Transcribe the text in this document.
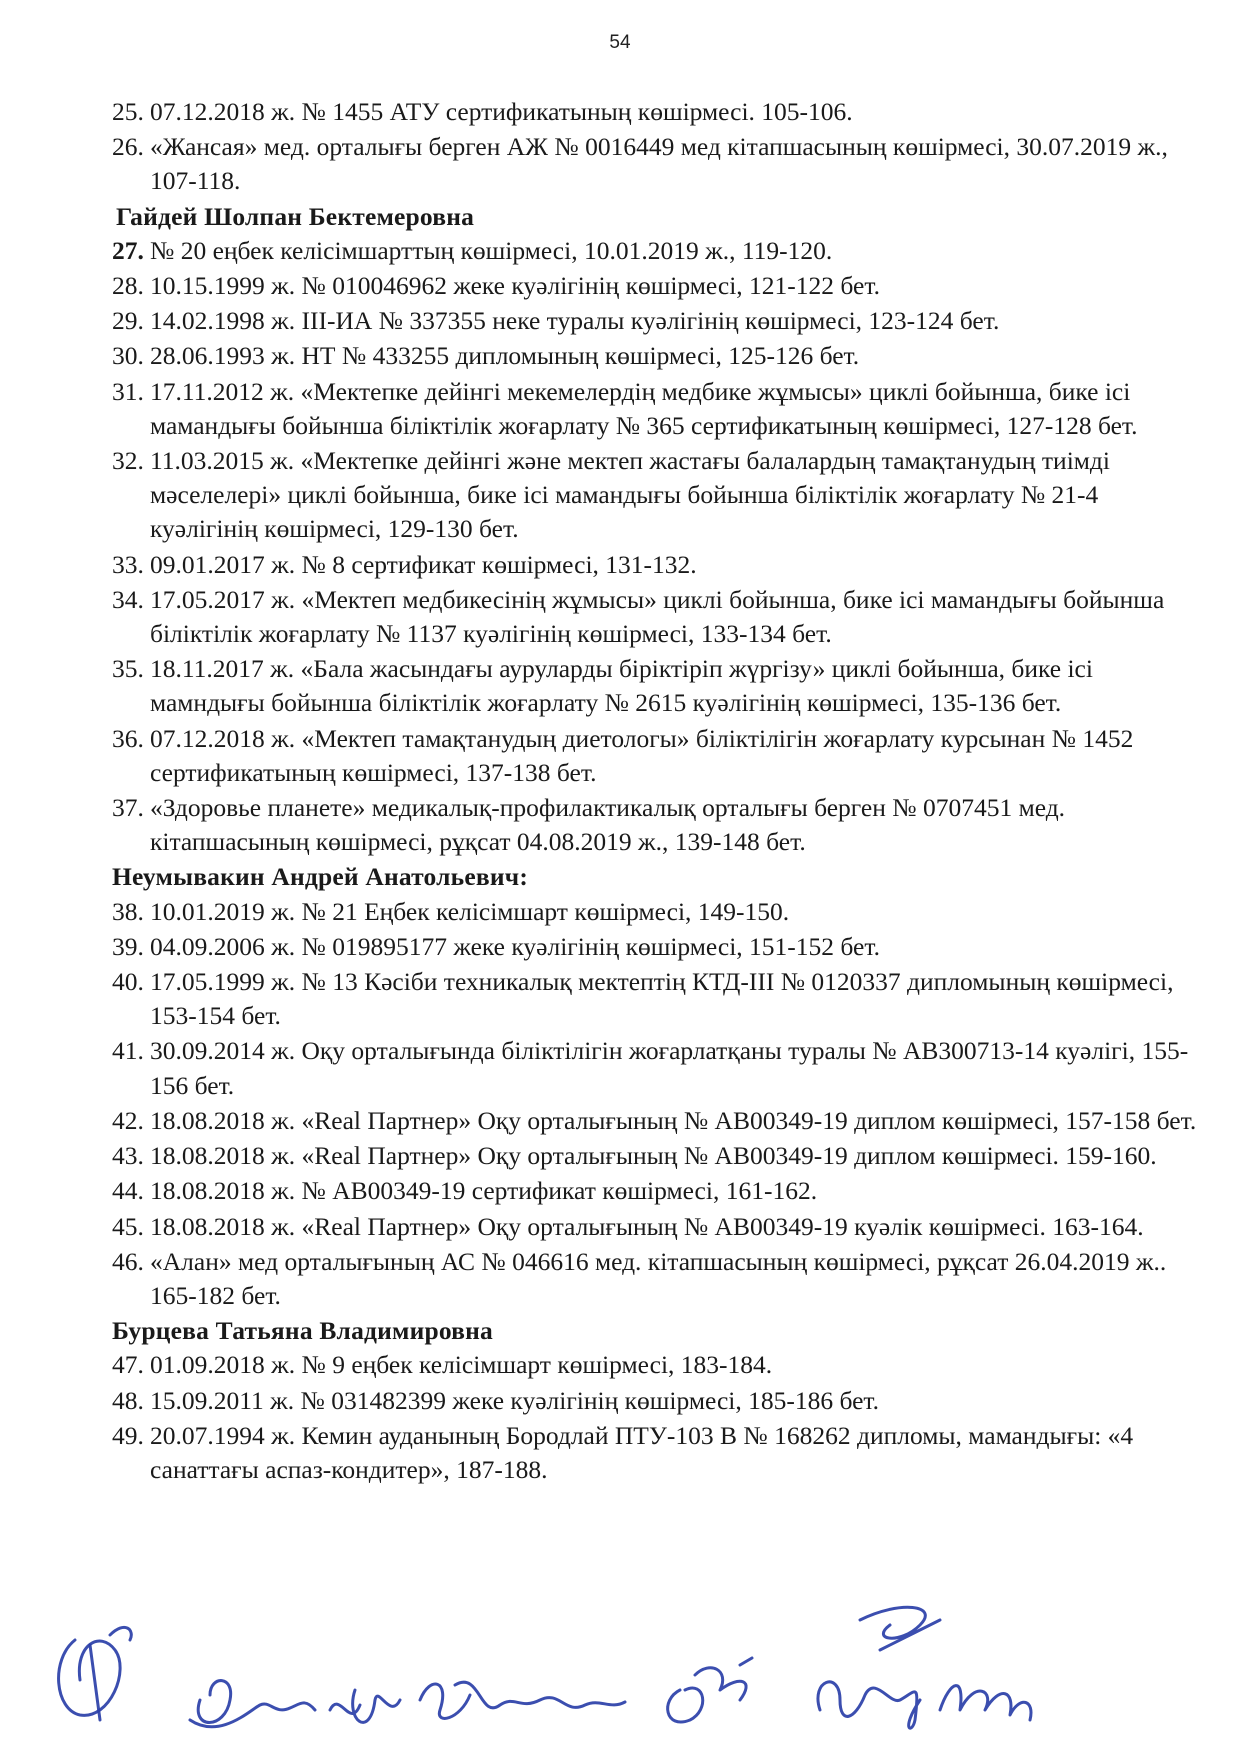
54
25. 07.12.2018 ж. № 1455 АТУ сертификатының көшірмесі. 105-106.
26. «Жансая» мед. орталығы берген АЖ № 0016449 мед кітапшасының көшірмесі, 30.07.2019 ж., 107-118.
Гайдей Шолпан Бектемеровна
27. № 20 еңбек келісімшарттың көшірмесі, 10.01.2019 ж., 119-120.
28. 10.15.1999 ж. № 010046962 жеке куәлігінің көшірмесі, 121-122 бет.
29. 14.02.1998 ж. III-ИА № 337355 неке туралы куәлігінің көшірмесі, 123-124 бет.
30. 28.06.1993 ж. НТ № 433255 дипломының көшірмесі, 125-126 бет.
31. 17.11.2012 ж. «Мектепке дейінгі мекемелердің медбике жұмысы» циклі бойынша, бике ісі мамандығы бойынша біліктілік жоғарлату № 365 сертификатының көшірмесі, 127-128 бет.
32. 11.03.2015 ж. «Мектепке дейінгі және мектеп жастағы балалардың тамақтанудың тиімді мәселелері» циклі бойынша, бике ісі мамандығы бойынша біліктілік жоғарлату № 21-4 куәлігінің көшірмесі, 129-130 бет.
33. 09.01.2017 ж. № 8 сертификат көшірмесі, 131-132.
34. 17.05.2017 ж. «Мектеп медбикесінің жұмысы» циклі бойынша, бике ісі мамандығы бойынша біліктілік жоғарлату № 1137 куәлігінің көшірмесі, 133-134 бет.
35. 18.11.2017 ж. «Бала жасындағы ауруларды біріктіріп жүргізу» циклі бойынша, бике ісі мамндығы бойынша біліктілік жоғарлату № 2615 куәлігінің көшірмесі, 135-136 бет.
36. 07.12.2018 ж. «Мектеп тамақтанудың диетологы» біліктілігін жоғарлату курсынан № 1452 сертификатының көшірмесі, 137-138 бет.
37. «Здоровье планете» медикалық-профилактикалық орталығы берген № 0707451 мед. кітапшасының көшірмесі, рұқсат 04.08.2019 ж., 139-148 бет.
Неумывакин Андрей Анатольевич:
38. 10.01.2019 ж. № 21 Еңбек келісімшарт көшірмесі, 149-150.
39. 04.09.2006 ж. № 019895177 жеке куәлігінің көшірмесі, 151-152 бет.
40. 17.05.1999 ж. № 13 Кәсіби техникалық мектептің КТД-III № 0120337 дипломының көшірмесі, 153-154 бет.
41. 30.09.2014 ж. Оқу орталығында біліктілігін жоғарлатқаны туралы № АВ300713-14 куәлігі, 155-156 бет.
42. 18.08.2018 ж. «Real Партнер» Оқу орталығының № АВ00349-19 диплом көшірмесі, 157-158 бет.
43. 18.08.2018 ж. «Real Партнер» Оқу орталығының № АВ00349-19 диплом көшірмесі. 159-160.
44. 18.08.2018 ж. № АВ00349-19 сертификат көшірмесі, 161-162.
45. 18.08.2018 ж. «Real Партнер» Оқу орталығының № АВ00349-19 куәлік көшірмесі. 163-164.
46. «Алан» мед орталығының АС № 046616 мед. кітапшасының көшірмесі, рұқсат 26.04.2019 ж.. 165-182 бет.
Бурцева Татьяна Владимировна
47. 01.09.2018 ж. № 9 еңбек келісімшарт көшірмесі, 183-184.
48. 15.09.2011 ж. № 031482399 жеке куәлігінің көшірмесі, 185-186 бет.
49. 20.07.1994 ж. Кемин ауданының Бородлай ПТУ-103 В № 168262 дипломы, мамандығы: «4 санаттағы аспаз-кондитер», 187-188.
